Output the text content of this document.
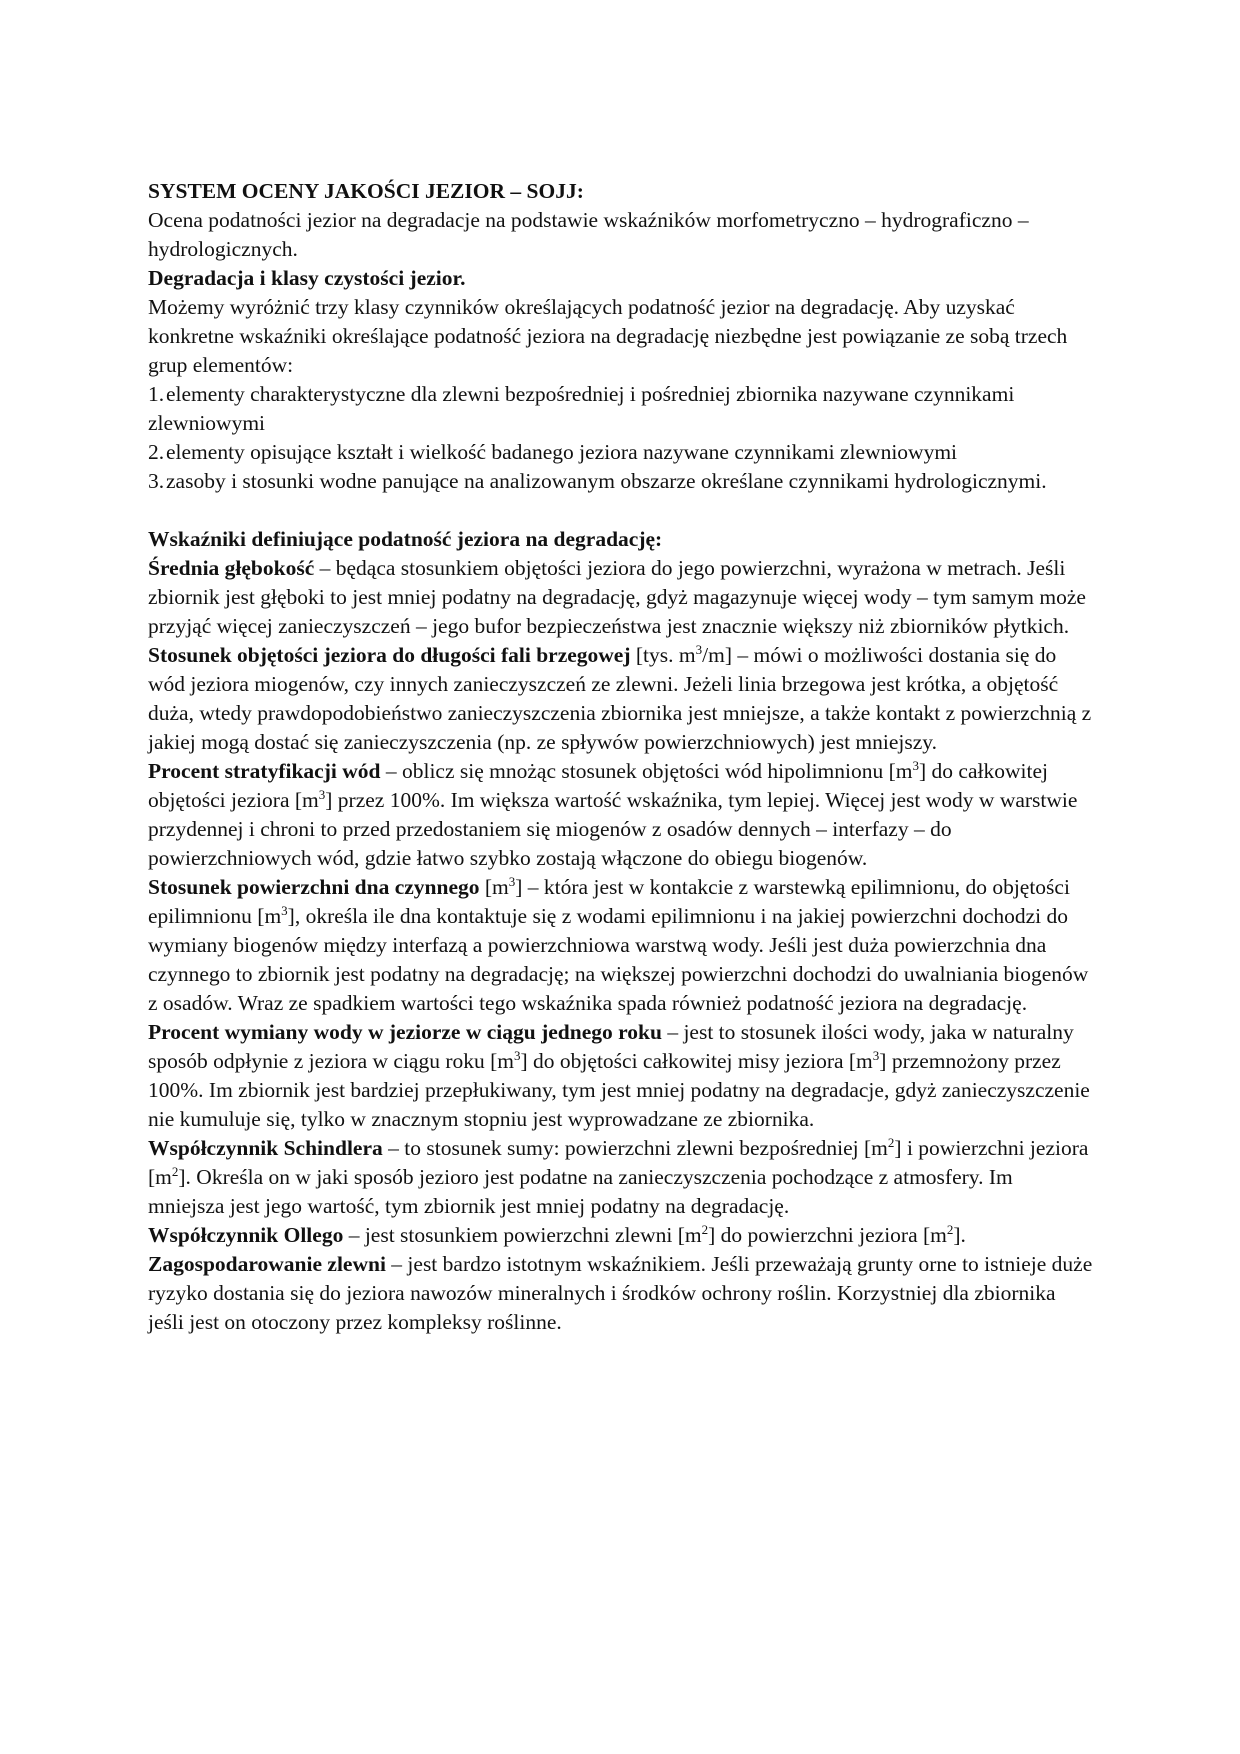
SYSTEM OCENY JAKOŚCI JEZIOR – SOJJ:

Ocena podatności jezior na degradacje na podstawie wskaźników morfometryczno – hydrograficzno – hydrologicznych.

Degradacja i klasy czystości jezior.

Możemy wyróżnić trzy klasy czynników określających podatność jezior na degradację. Aby uzyskać konkretne wskaźniki określające podatność jeziora na degradację niezbędne jest powiązanie ze sobą trzech grup elementów:

1.elementy charakterystyczne dla zlewni bezpośredniej i pośredniej zbiornika nazywane czynnikami zlewniowymi

2.elementy opisujące kształt i wielkość badanego jeziora nazywane czynnikami zlewniowymi

3.zasoby i stosunki wodne panujące na analizowanym obszarze określane czynnikami hydrologicznymi.

Wskaźniki definiujące podatność jeziora na degradację:

Średnia głębokość – będąca stosunkiem objętości jeziora do jego powierzchni, wyrażona w metrach. Jeśli zbiornik jest głęboki to jest mniej podatny na degradację, gdyż magazynuje więcej wody – tym samym może przyjąć więcej zanieczyszczeń – jego bufor bezpieczeństwa jest znacznie większy niż zbiorników płytkich.

Stosunek objętości jeziora do długości fali brzegowej [tys. $m^3/m$] – mówi o możliwości dostania się do wód jeziora miogenów, czy innych zanieczyszczeń ze zlewni. Jeżeli linia brzegowa jest krótka, a objętość duża, wtedy prawdopodobieństwo zanieczyszczenia zbiornika jest mniejsze, a także kontakt z powierzchnią z jakiej mogą dostać się zanieczyszczenia (np. ze spływów powierzchniowych) jest mniejszy.

Procent stratyfikacji wód – oblicz się mnożąc stosunek objętości wód hipolimnionu $[m^3]$ do całkowitej objętości jeziora $[m^3]$ przez 100%. Im większa wartość wskaźnika, tym lepiej. Więcej jest wody w warstwie przydennej i chroni to przed przedostaniem się miogenów z osadów dennych – interfazy – do powierzchniowych wód, gdzie łatwo szybko zostają włączone do obiegu biogenów.

Stosunek powierzchni dna czynnego $[m^3]$ – która jest w kontakcie z warstewką epilimnionu, do objętości epilimnionu $[m^3]$, określa ile dna kontaktuje się z wodami epilimnionu i na jakiej powierzchni dochodzi do wymiany biogenów między interfazą a powierzchniowa warstwą wody. Jeśli jest duża powierzchnia dna czynnego to zbiornik jest podatny na degradację; na większej powierzchni dochodzi do uwalniania biogenów z osadów. Wraz ze spadkiem wartości tego wskaźnika spada również podatność jeziora na degradację.

Procent wymiany wody w jeziorze w ciągu jednego roku – jest to stosunek ilości wody, jaka w naturalny sposób odpłynie z jeziora w ciągu roku $[m^3]$ do objętości całkowitej misy jeziora $[m^3]$ przemnożony przez 100%. Im zbiornik jest bardziej przepłukiwany, tym jest mniej podatny na degradacje, gdyż zanieczyszczenie nie kumuluje się, tylko w znacznym stopniu jest wyprowadzane ze zbiornika.

Współczynnik Schindlera – to stosunek sumy: powierzchni zlewni bezpośredniej $[m^2]$ i powierzchni jeziora $[m^2]$. Określa on w jaki sposób jezioro jest podatne na zanieczyszczenia pochodzące z atmosfery. Im mniejsza jest jego wartość, tym zbiornik jest mniej podatny na degradację.

Współczynnik Ollego – jest stosunkiem powierzchni zlewni $[m^2]$ do powierzchni jeziora $[m^2]$.

Zagospodarowanie zlewni – jest bardzo istotnym wskaźnikiem. Jeśli przeważają grunty orne to istnieje duże ryzyko dostania się do jeziora nawozów mineralnych i środków ochrony roślin. Korzystniej dla zbiornika jeśli jest on otoczony przez kompleksy roślinne.
